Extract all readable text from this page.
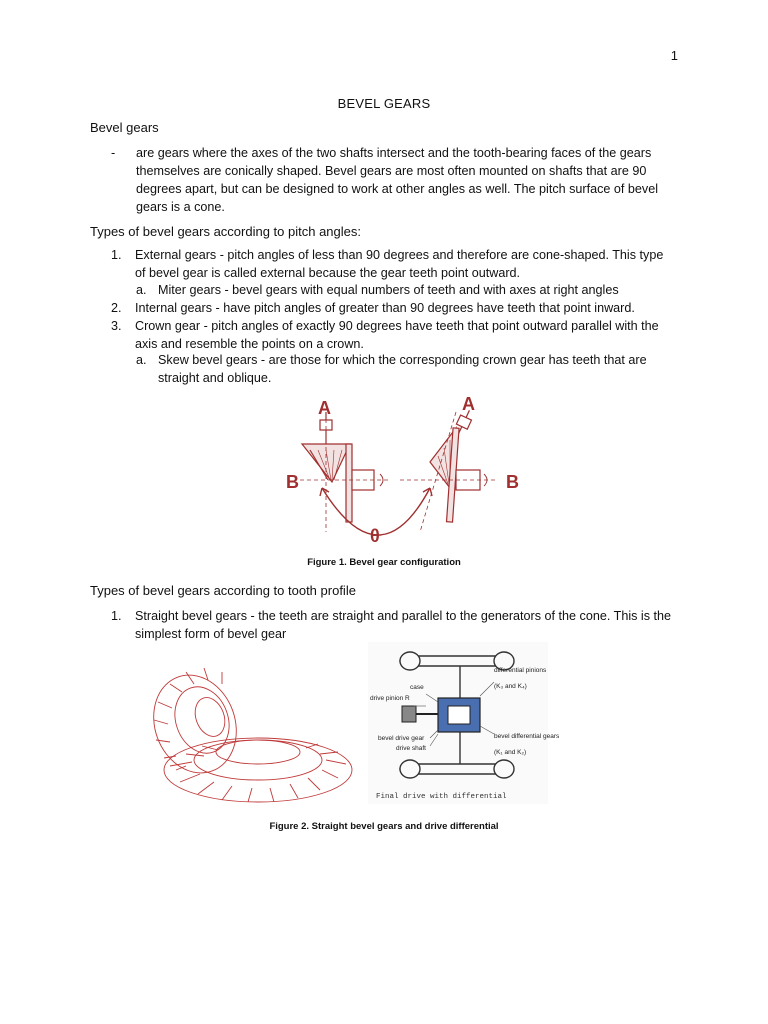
1
BEVEL GEARS
Bevel gears
- are gears where the axes of the two shafts intersect and the tooth-bearing faces of the gears themselves are conically shaped. Bevel gears are most often mounted on shafts that are 90 degrees apart, but can be designed to work at other angles as well. The pitch surface of bevel gears is a cone.
Types of bevel gears according to pitch angles:
1. External gears - pitch angles of less than 90 degrees and therefore are cone-shaped. This type of bevel gear is called external because the gear teeth point outward.
a. Miter gears - bevel gears with equal numbers of teeth and with axes at right angles
2. Internal gears - have pitch angles of greater than 90 degrees have teeth that point inward.
3. Crown gear - pitch angles of exactly 90 degrees have teeth that point outward parallel with the axis and resemble the points on a crown.
a. Skew bevel gears - are those for which the corresponding crown gear has teeth that are straight and oblique.
A	A
B	B
θ
Figure 1. Bevel gear configuration
Types of bevel gears according to tooth profile
1. Straight bevel gears - the teeth are straight and parallel to the generators of the cone. This is the simplest form of bevel gear
differential pinions
(K₃ and K₄)
case
drive pinion R
bevel drive gear
drive shaft
bevel differential gears
(K₁ and K₂)
Final drive with differential
Figure 2. Straight bevel gears and drive differential
